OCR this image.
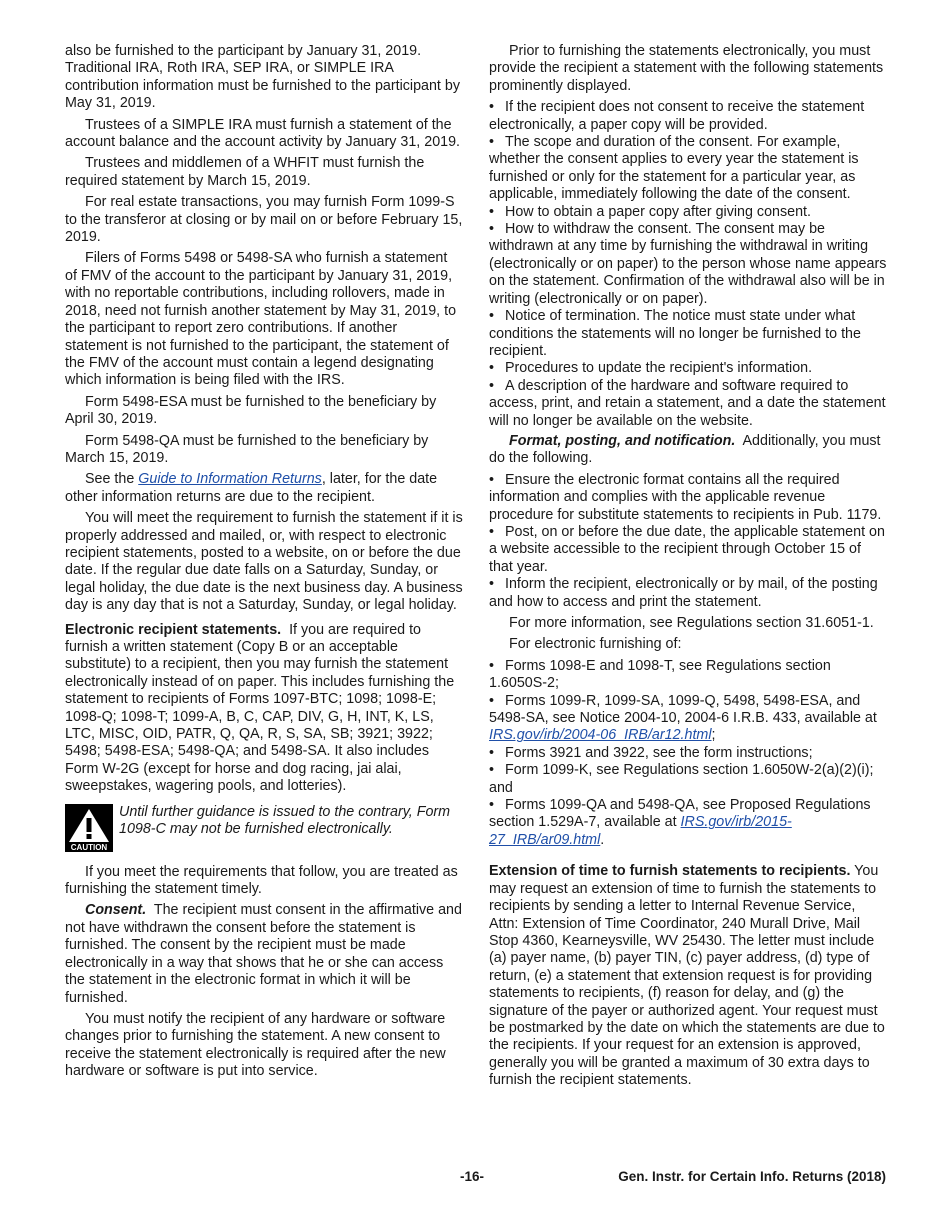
also be furnished to the participant by January 31, 2019. Traditional IRA, Roth IRA, SEP IRA, or SIMPLE IRA contribution information must be furnished to the participant by May 31, 2019.

Trustees of a SIMPLE IRA must furnish a statement of the account balance and the account activity by January 31, 2019.

Trustees and middlemen of a WHFIT must furnish the required statement by March 15, 2019.

For real estate transactions, you may furnish Form 1099-S to the transferor at closing or by mail on or before February 15, 2019.

Filers of Forms 5498 or 5498-SA who furnish a statement of FMV of the account to the participant by January 31, 2019, with no reportable contributions, including rollovers, made in 2018, need not furnish another statement by May 31, 2019, to the participant to report zero contributions. If another statement is not furnished to the participant, the statement of the FMV of the account must contain a legend designating which information is being filed with the IRS.

Form 5498-ESA must be furnished to the beneficiary by April 30, 2019.

Form 5498-QA must be furnished to the beneficiary by March 15, 2019.

See the Guide to Information Returns, later, for the date other information returns are due to the recipient.

You will meet the requirement to furnish the statement if it is properly addressed and mailed, or, with respect to electronic recipient statements, posted to a website, on or before the due date. If the regular due date falls on a Saturday, Sunday, or legal holiday, the due date is the next business day. A business day is any day that is not a Saturday, Sunday, or legal holiday.

Electronic recipient statements. If you are required to furnish a written statement (Copy B or an acceptable substitute) to a recipient, then you may furnish the statement electronically instead of on paper. This includes furnishing the statement to recipients of Forms 1097-BTC; 1098; 1098-E; 1098-Q; 1098-T; 1099-A, B, C, CAP, DIV, G, H, INT, K, LS, LTC, MISC, OID, PATR, Q, QA, R, S, SA, SB; 3921; 3922; 5498; 5498-ESA; 5498-QA; and 5498-SA. It also includes Form W-2G (except for horse and dog racing, jai alai, sweepstakes, wagering pools, and lotteries).

CAUTION
Until further guidance is issued to the contrary, Form 1098-C may not be furnished electronically.

If you meet the requirements that follow, you are treated as furnishing the statement timely.

Consent. The recipient must consent in the affirmative and not have withdrawn the consent before the statement is furnished. The consent by the recipient must be made electronically in a way that shows that he or she can access the statement in the electronic format in which it will be furnished.

You must notify the recipient of any hardware or software changes prior to furnishing the statement. A new consent to receive the statement electronically is required after the new hardware or software is put into service.

Prior to furnishing the statements electronically, you must provide the recipient a statement with the following statements prominently displayed.

• If the recipient does not consent to receive the statement electronically, a paper copy will be provided.

• The scope and duration of the consent. For example, whether the consent applies to every year the statement is furnished or only for the statement for a particular year, as applicable, immediately following the date of the consent.

• How to obtain a paper copy after giving consent.

• How to withdraw the consent. The consent may be withdrawn at any time by furnishing the withdrawal in writing (electronically or on paper) to the person whose name appears on the statement. Confirmation of the withdrawal also will be in writing (electronically or on paper).

• Notice of termination. The notice must state under what conditions the statements will no longer be furnished to the recipient.

• Procedures to update the recipient's information.

• A description of the hardware and software required to access, print, and retain a statement, and a date the statement will no longer be available on the website.

Format, posting, and notification. Additionally, you must do the following.

• Ensure the electronic format contains all the required information and complies with the applicable revenue procedure for substitute statements to recipients in Pub. 1179.

• Post, on or before the due date, the applicable statement on a website accessible to the recipient through October 15 of that year.

• Inform the recipient, electronically or by mail, of the posting and how to access and print the statement.

For more information, see Regulations section 31.6051-1.

For electronic furnishing of:

• Forms 1098-E and 1098-T, see Regulations section 1.6050S-2;

• Forms 1099-R, 1099-SA, 1099-Q, 5498, 5498-ESA, and 5498-SA, see Notice 2004-10, 2004-6 I.R.B. 433, available at IRS.gov/irb/2004-06_IRB/ar12.html;

• Forms 3921 and 3922, see the form instructions;

• Form 1099-K, see Regulations section 1.6050W-2(a)(2)(i); and

• Forms 1099-QA and 5498-QA, see Proposed Regulations section 1.529A-7, available at IRS.gov/irb/2015-27_IRB/ar09.html.

Extension of time to furnish statements to recipients. You may request an extension of time to furnish the statements to recipients by sending a letter to Internal Revenue Service, Attn: Extension of Time Coordinator, 240 Murall Drive, Mail Stop 4360, Kearneysville, WV 25430. The letter must include (a) payer name, (b) payer TIN, (c) payer address, (d) type of return, (e) a statement that extension request is for providing statements to recipients, (f) reason for delay, and (g) the signature of the payer or authorized agent. Your request must be postmarked by the date on which the statements are due to the recipients. If your request for an extension is approved, generally you will be granted a maximum of 30 extra days to furnish the recipient statements.

-16-	Gen. Instr. for Certain Info. Returns (2018)
